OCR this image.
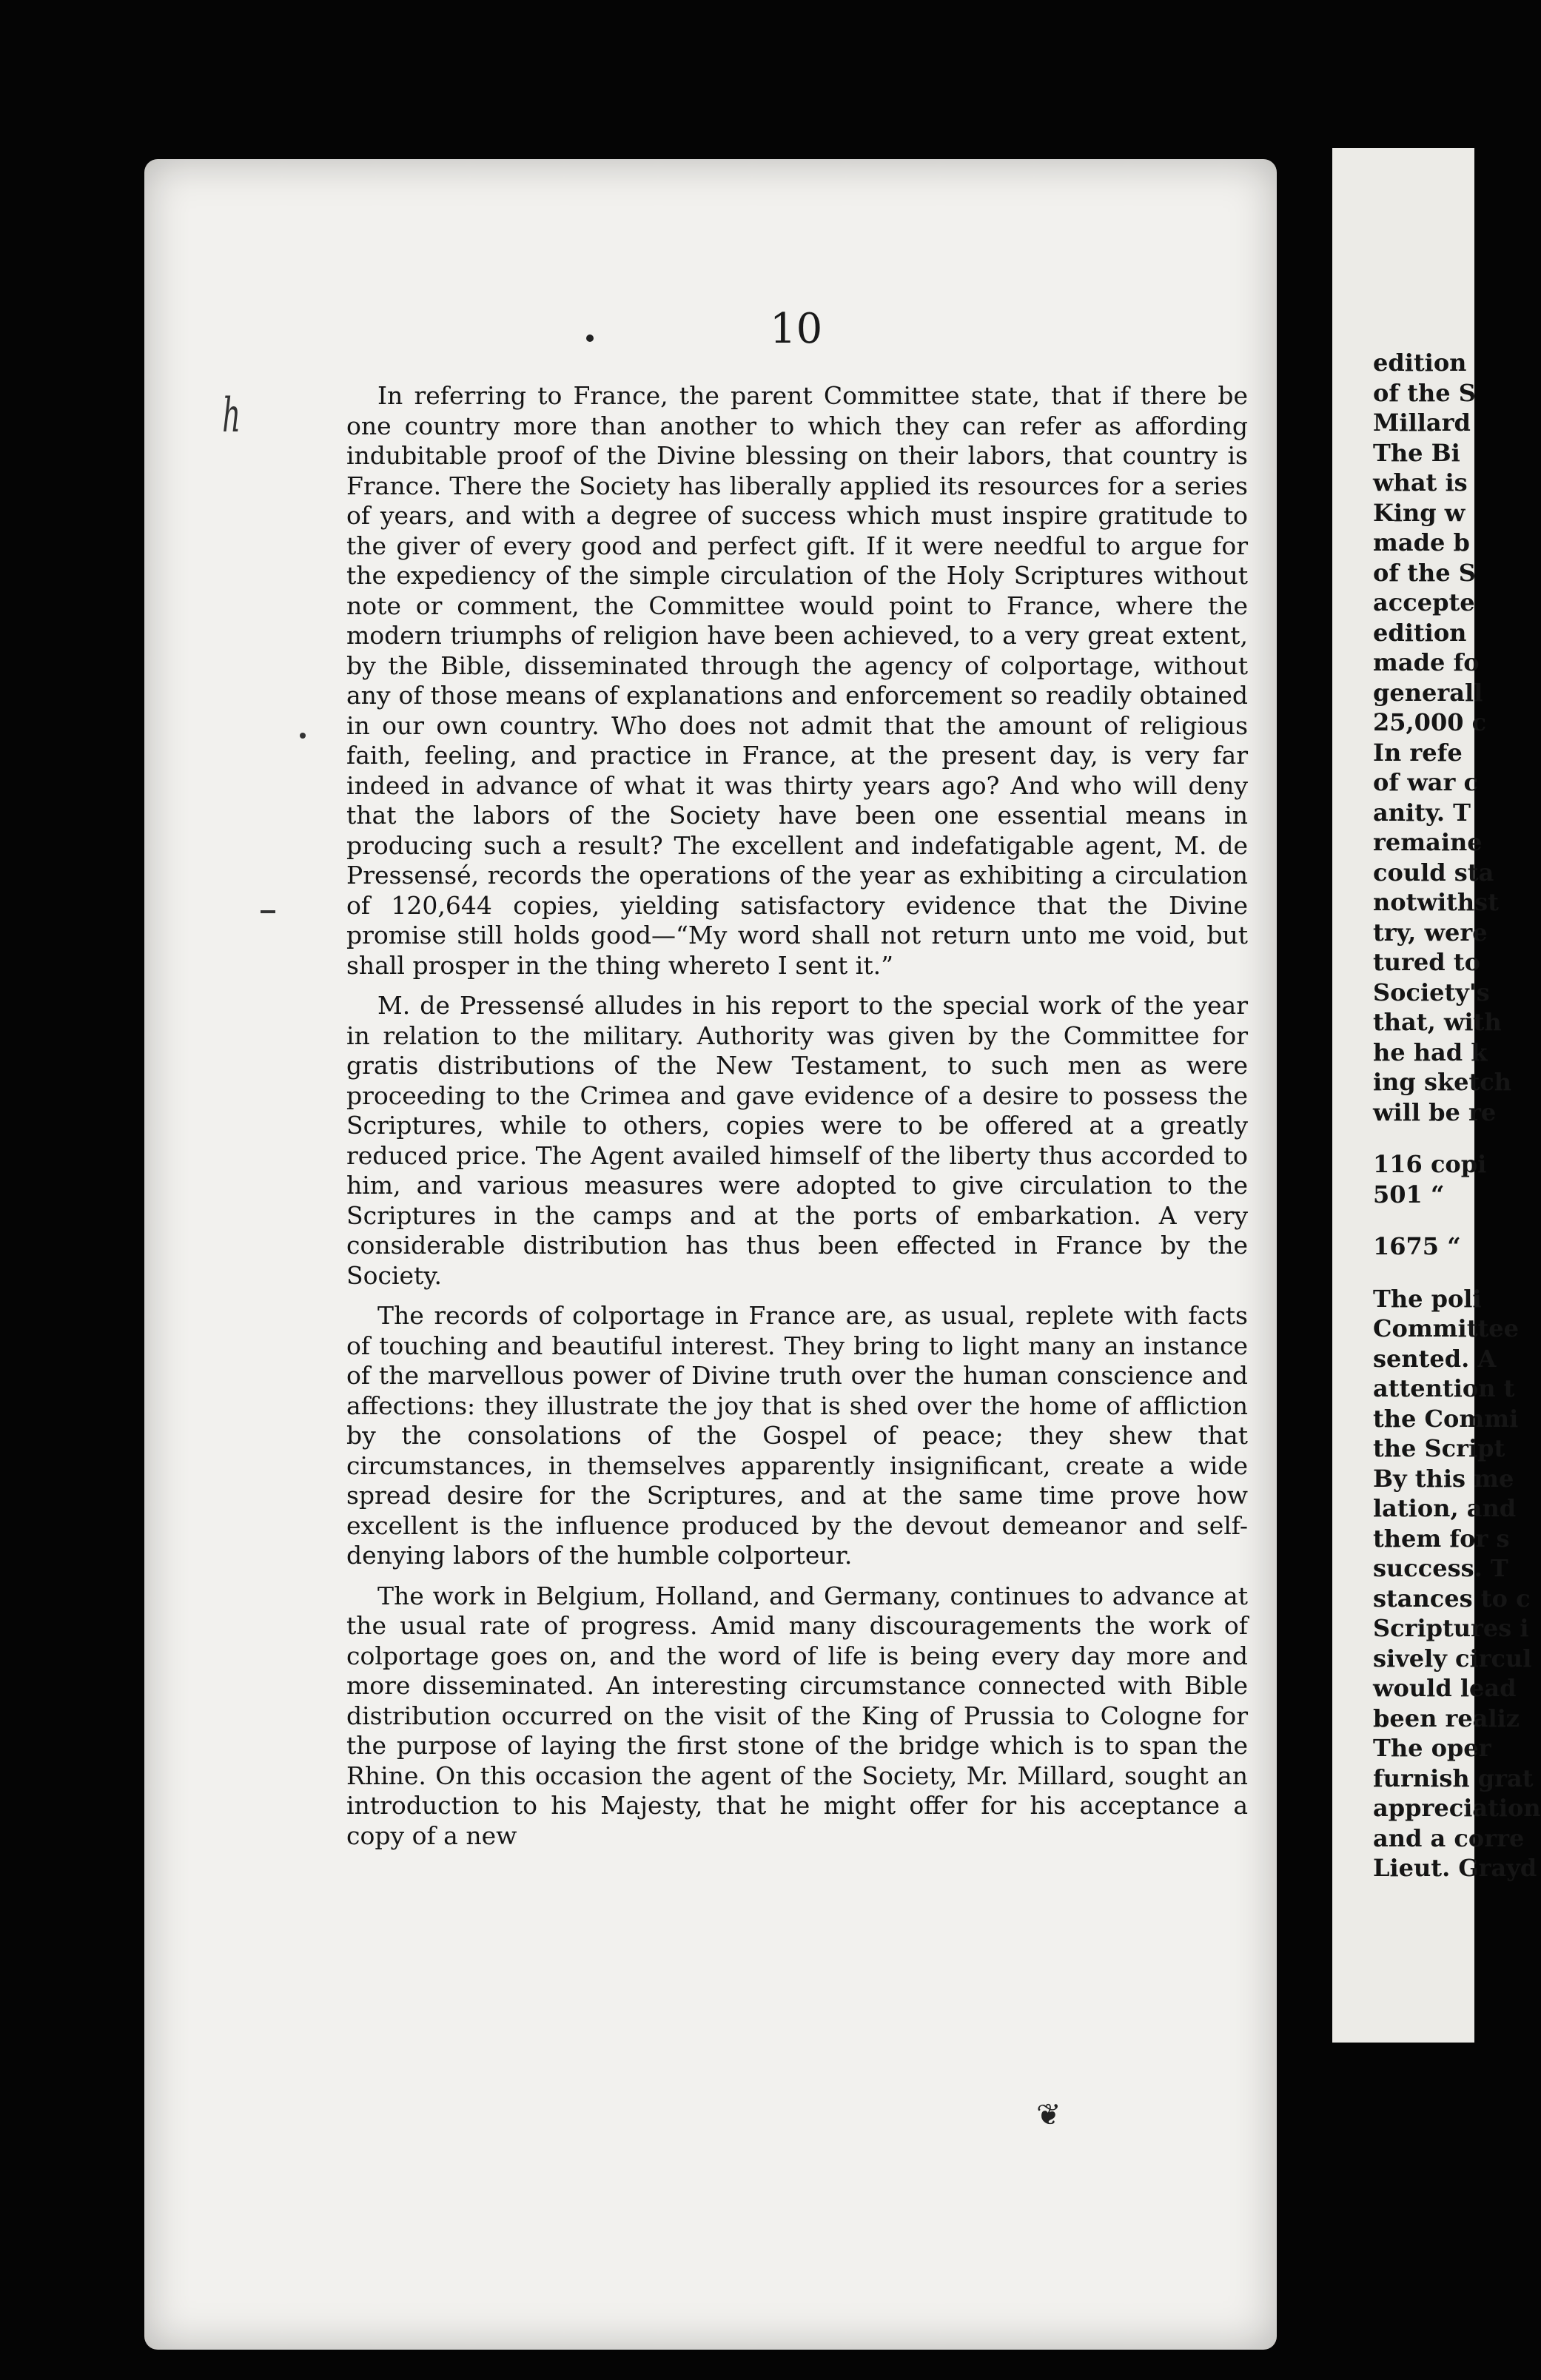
10
h	In referring to France, the parent Committee state, that if there be one country more than another to which they can refer as affording indubitable proof of the Divine blessing on their labors, that country is France. There the Society has liberally applied its resources for a series of years, and with a degree of success which must inspire gratitude to the giver of every good and perfect gift. If it were needful to argue for the expediency of the simple circulation of the Holy Scriptures without note or comment, the Committee would point to France, where the modern triumphs of religion have been achieved, to a very great extent, by the Bible, disseminated through the agency of colportage, without any of those means of explanations and enforcement so readily obtained in our own country. Who does not admit that the amount of religious faith, feeling, and practice in France, at the present day, is very far indeed in advance of what it was thirty years ago? And who will deny that the labors of the Society have been one essential means in producing such a result? The excellent and indefatigable agent, M. de Pressensé, records the operations of the year as exhibiting a circulation of 120,644 copies, yielding satisfactory evidence that the Divine promise still holds good—“My word shall not return unto me void, but shall prosper in the thing whereto I sent it.”

M. de Pressensé alludes in his report to the special work of the year in relation to the military. Authority was given by the Committee for gratis distributions of the New Testament, to such men as were proceeding to the Crimea and gave evidence of a desire to possess the Scriptures, while to others, copies were to be offered at a greatly reduced price. The Agent availed himself of the liberty thus accorded to him, and various measures were adopted to give circulation to the Scriptures in the camps and at the ports of embarkation. A very considerable distribution has thus been effected in France by the Society.

The records of colportage in France are, as usual, replete with facts of touching and beautiful interest. They bring to light many an instance of the marvellous power of Divine truth over the human conscience and affections: they illustrate the joy that is shed over the home of affliction by the consolations of the Gospel of peace; they shew that circumstances, in themselves apparently insignificant, create a wide spread desire for the Scriptures, and at the same time prove how excellent is the influence produced by the devout demeanor and self-denying labors of the humble colporteur.

The work in Belgium, Holland, and Germany, continues to advance at the usual rate of progress. Amid many discouragements the work of colportage goes on, and the word of life is being every day more and more disseminated. An interesting circumstance connected with Bible distribution occurred on the visit of the King of Prussia to Cologne for the purpose of laying the first stone of the bridge which is to span the Rhine. On this occasion the agent of the Society, Mr. Millard, sought an introduction to his Majesty, that he might offer for his acceptance a copy of a new

❦
edition
of the S
Millard
The Bi
what is
King w
made b
of the S
accepte
edition
made fo
generall
25,000 c
In refe
of war c
anity. T
remaine
could sta
notwithst
try, were
tured to
Society's
that, with
he had k
ing sketch
will be re
116 copi
501 “
1675 “
The poli
Committee
sented. A
attention t
the Commi
the Script
By this me
lation, and
them for s
success. T
stances to c
Scriptures i
sively circul
would lead
been realiz
The oper
furnish grat
appreciation
and a corre
Lieut. Grayd
